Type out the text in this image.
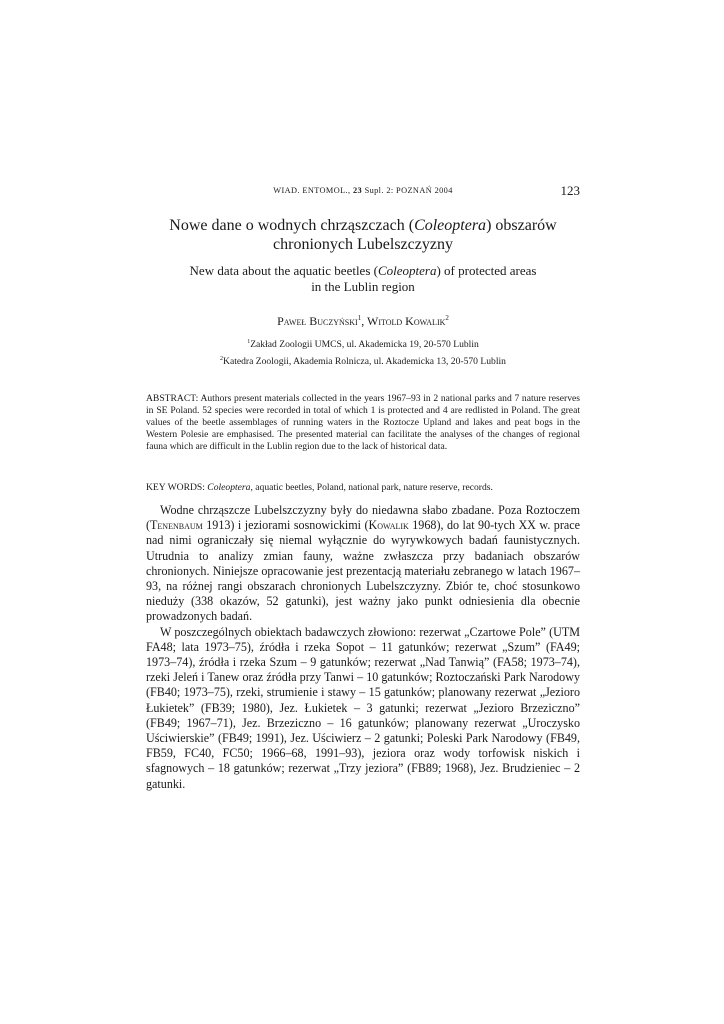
WIAD. ENTOMOL., 23 Supl. 2: POZNAŃ 2004	123
Nowe dane o wodnych chrząszczach (Coleoptera) obszarów
chronionych Lubelszczyzny
New data about the aquatic beetles (Coleoptera) of protected areas
in the Lublin region
Paweł Buczyński$^1$, Witold Kowalik$^2$
$^1$Zakład Zoologii UMCS, ul. Akademicka 19, 20-570 Lublin
$^2$Katedra Zoologii, Akademia Rolnicza, ul. Akademicka 13, 20-570 Lublin
ABSTRACT: Authors present materials collected in the years 1967–93 in 2 national parks and 7 nature reserves in SE Poland. 52 species were recorded in total of which 1 is protected and 4 are redlisted in Poland. The great values of the beetle assemblages of running waters in the Roztocze Upland and lakes and peat bogs in the Western Polesie are emphasised. The presented material can facilitate the analyses of the changes of regional fauna which are difficult in the Lublin region due to the lack of historical data.
KEY WORDS: Coleoptera, aquatic beetles, Poland, national park, nature reserve, records.

Wodne chrząszcze Lubelszczyzny były do niedawna słabo zbadane. Poza Roztoczem (Tenenbaum 1913) i jeziorami sosnowickimi (Kowalik 1968), do lat 90-tych XX w. prace nad nimi ograniczały się niemal wyłącznie do wyrywkowych badań faunistycznych. Utrudnia to analizy zmian fauny, ważne zwłaszcza przy badaniach obszarów chronionych. Niniejsze opracowanie jest prezentacją materiału zebranego w latach 1967–93, na różnej rangi obszarach chronionych Lubelszczyzny. Zbiór te, choć stosunkowo nieduży (338 okazów, 52 gatunki), jest ważny jako punkt odniesienia dla obecnie prowadzonych badań.

W poszczególnych obiektach badawczych złowiono: rezerwat „Czartowe Pole” (UTM FA48; lata 1973–75), źródła i rzeka Sopot – 11 gatunków; rezerwat „Szum” (FA49; 1973–74), źródła i rzeka Szum – 9 gatunków; rezerwat „Nad Tanwią” (FA58; 1973–74), rzeki Jeleń i Tanew oraz źródła przy Tanwi – 10 gatunków; Roztoczański Park Narodowy (FB40; 1973–75), rzeki, strumienie i stawy – 15 gatunków; planowany rezerwat „Jezioro Łukietek” (FB39; 1980), Jez. Łukietek – 3 gatunki; rezerwat „Jezioro Brzeziczno” (FB49; 1967–71), Jez. Brzeziczno – 16 gatunków; planowany rezerwat „Uroczysko Uściwierskie” (FB49; 1991), Jez. Uściwierz – 2 gatunki; Poleski Park Narodowy (FB49, FB59, FC40, FC50; 1966–68, 1991–93), jeziora oraz wody torfowisk niskich i sfagnowych – 18 gatunków; rezerwat „Trzy jeziora” (FB89; 1968), Jez. Brudzieniec – 2 gatunki.
